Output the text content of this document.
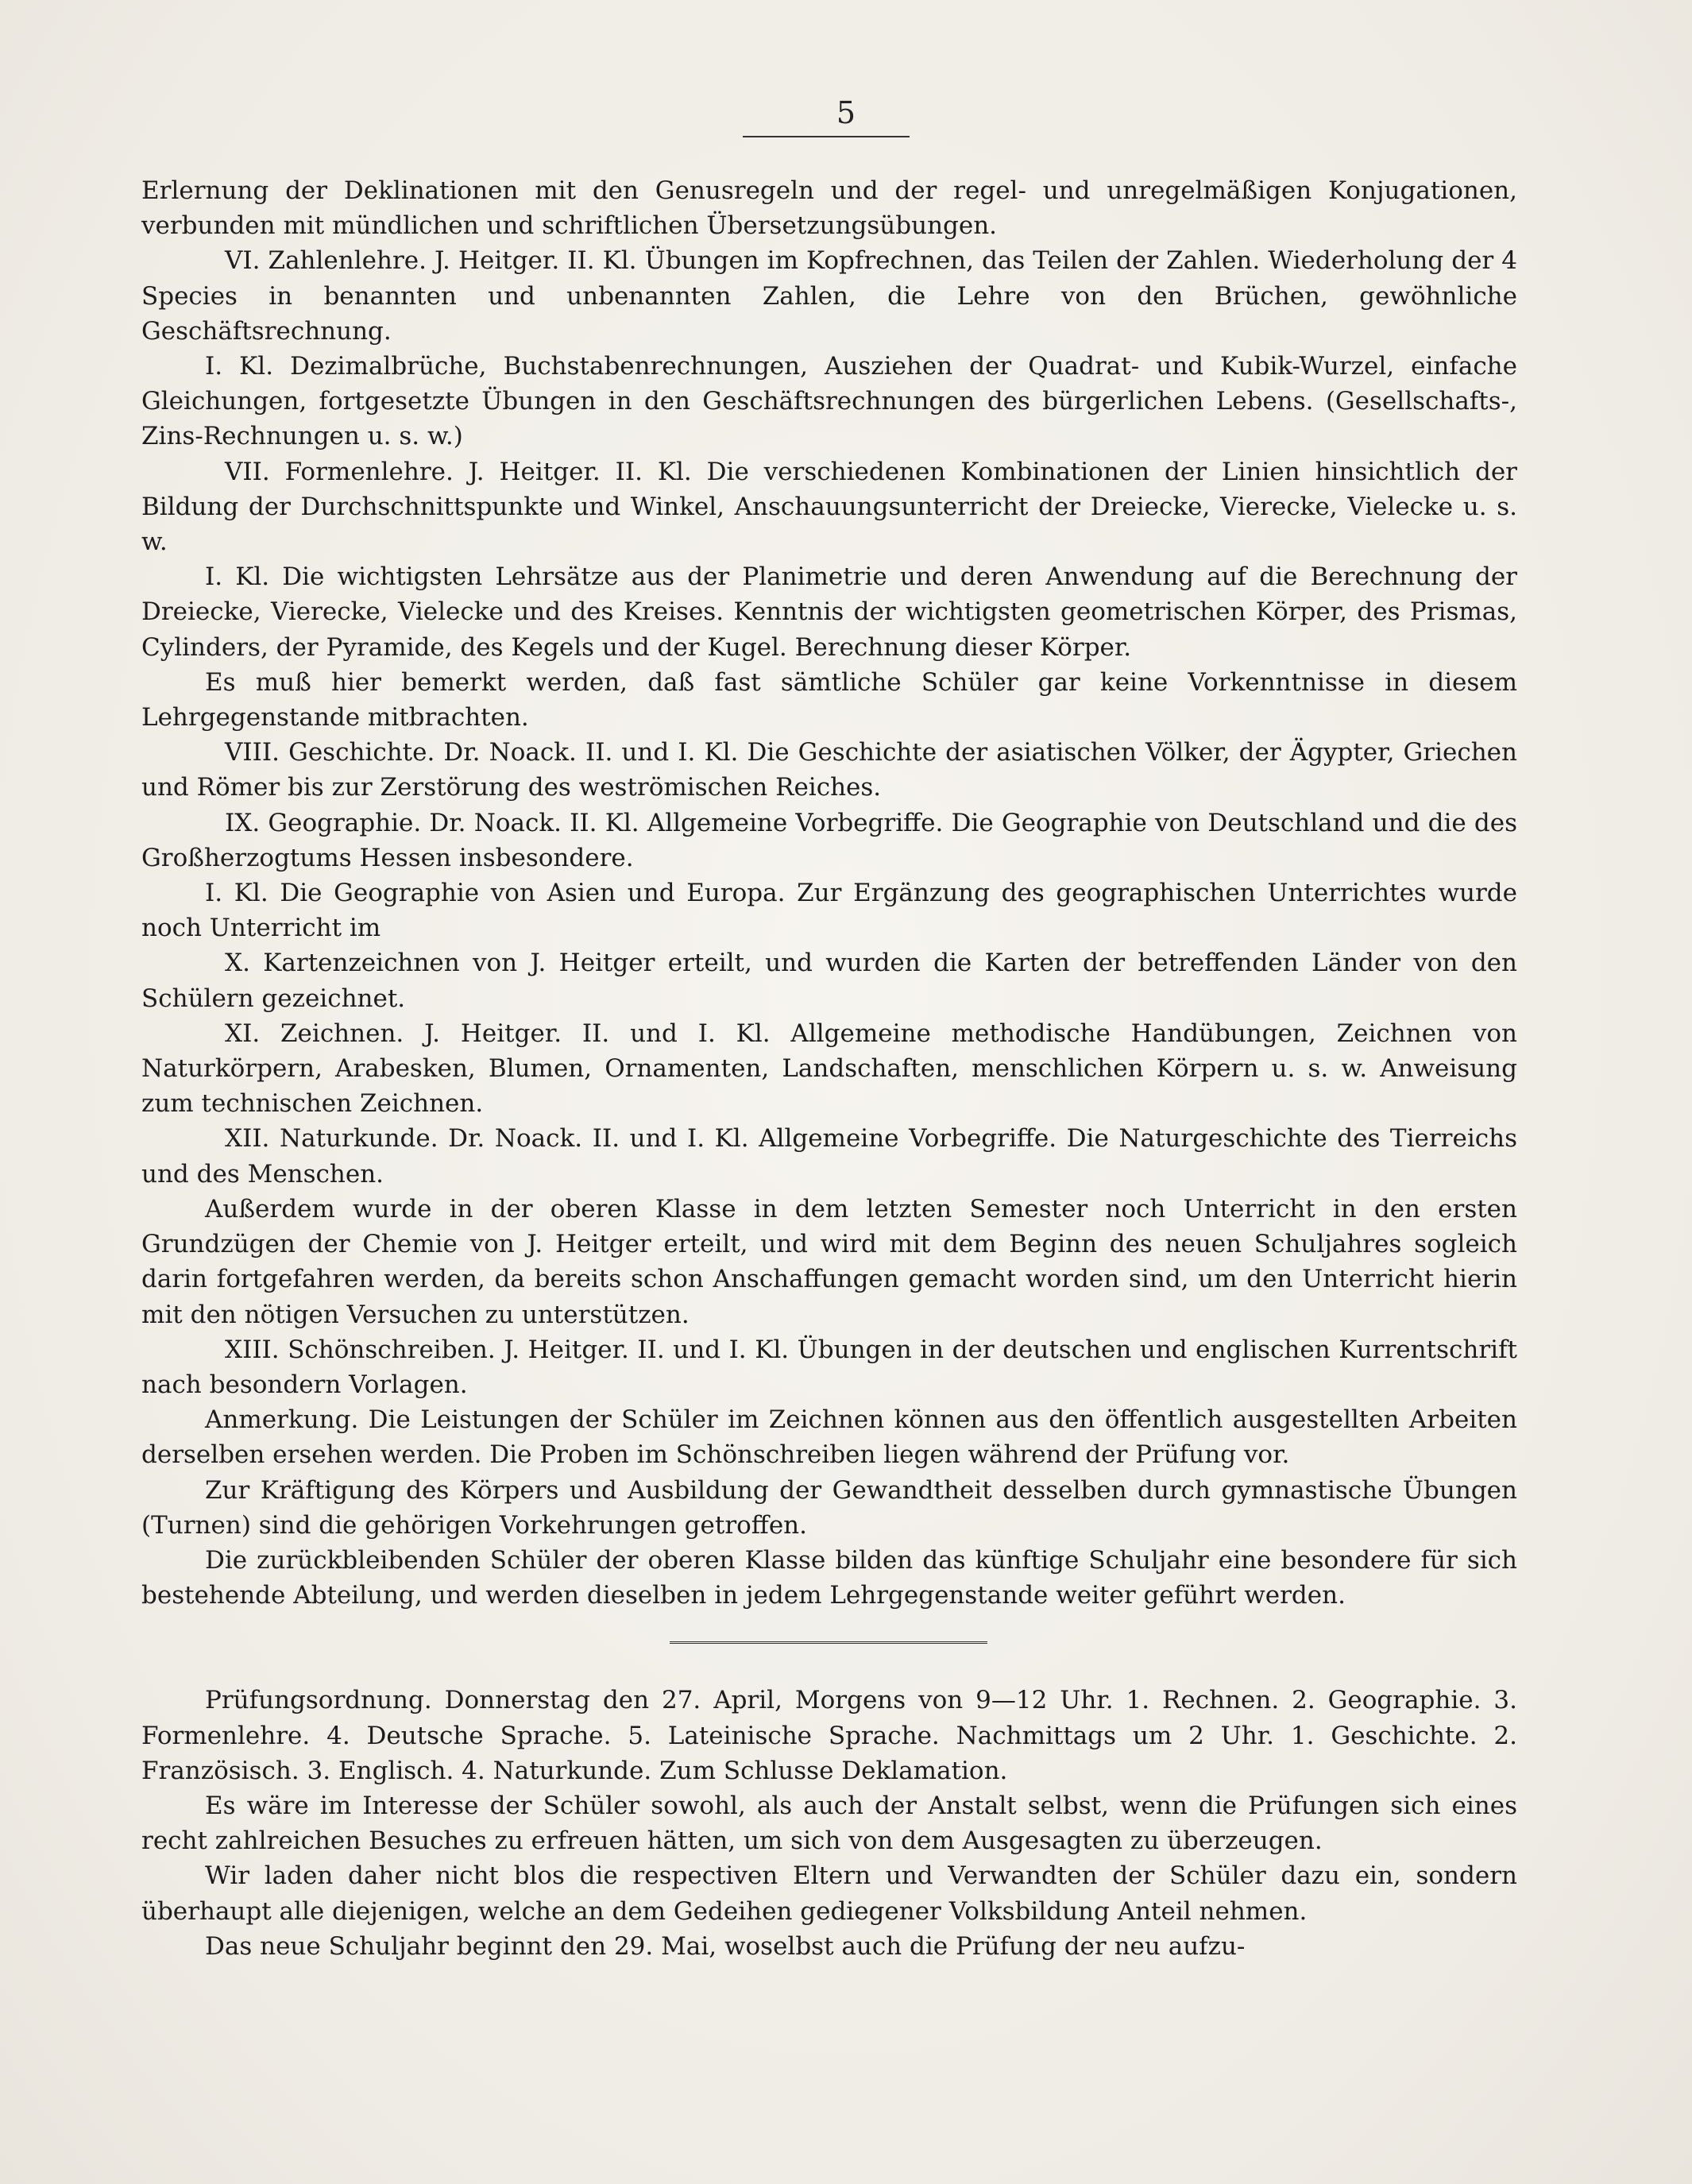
5

Erlernung der Deklinationen mit den Genusregeln und der regel- und unregelmäßigen Konjugationen, verbunden mit mündlichen und schriftlichen Übersetzungsübungen.

VI. Zahlenlehre. J. Heitger. II. Kl. Übungen im Kopfrechnen, das Teilen der Zahlen. Wiederholung der 4 Species in benannten und unbenannten Zahlen, die Lehre von den Brüchen, gewöhnliche Geschäftsrechnung.

I. Kl. Dezimalbrüche, Buchstabenrechnungen, Ausziehen der Quadrat- und Kubik-Wurzel, einfache Gleichungen, fortgesetzte Übungen in den Geschäftsrechnungen des bürgerlichen Lebens. (Gesellschafts-, Zins-Rechnungen u. s. w.)

VII. Formenlehre. J. Heitger. II. Kl. Die verschiedenen Kombinationen der Linien hinsichtlich der Bildung der Durchschnittspunkte und Winkel, Anschauungsunterricht der Dreiecke, Vierecke, Vielecke u. s. w.

I. Kl. Die wichtigsten Lehrsätze aus der Planimetrie und deren Anwendung auf die Berechnung der Dreiecke, Vierecke, Vielecke und des Kreises. Kenntnis der wichtigsten geometrischen Körper, des Prismas, Cylinders, der Pyramide, des Kegels und der Kugel. Berechnung dieser Körper.

Es muß hier bemerkt werden, daß fast sämtliche Schüler gar keine Vorkenntnisse in diesem Lehrgegenstande mitbrachten.

VIII. Geschichte. Dr. Noack. II. und I. Kl. Die Geschichte der asiatischen Völker, der Ägypter, Griechen und Römer bis zur Zerstörung des weströmischen Reiches.

IX. Geographie. Dr. Noack. II. Kl. Allgemeine Vorbegriffe. Die Geographie von Deutschland und die des Großherzogtums Hessen insbesondere.

I. Kl. Die Geographie von Asien und Europa. Zur Ergänzung des geographischen Unterrichtes wurde noch Unterricht im

X. Kartenzeichnen von J. Heitger erteilt, und wurden die Karten der betreffenden Länder von den Schülern gezeichnet.

XI. Zeichnen. J. Heitger. II. und I. Kl. Allgemeine methodische Handübungen, Zeichnen von Naturkörpern, Arabesken, Blumen, Ornamenten, Landschaften, menschlichen Körpern u. s. w. Anweisung zum technischen Zeichnen.

XII. Naturkunde. Dr. Noack. II. und I. Kl. Allgemeine Vorbegriffe. Die Naturgeschichte des Tierreichs und des Menschen.

Außerdem wurde in der oberen Klasse in dem letzten Semester noch Unterricht in den ersten Grundzügen der Chemie von J. Heitger erteilt, und wird mit dem Beginn des neuen Schuljahres sogleich darin fortgefahren werden, da bereits schon Anschaffungen gemacht worden sind, um den Unterricht hierin mit den nötigen Versuchen zu unterstützen.

XIII. Schönschreiben. J. Heitger. II. und I. Kl. Übungen in der deutschen und englischen Kurrentschrift nach besondern Vorlagen.

Anmerkung. Die Leistungen der Schüler im Zeichnen können aus den öffentlich ausgestellten Arbeiten derselben ersehen werden. Die Proben im Schönschreiben liegen während der Prüfung vor.

Zur Kräftigung des Körpers und Ausbildung der Gewandtheit desselben durch gymnastische Übungen (Turnen) sind die gehörigen Vorkehrungen getroffen.

Die zurückbleibenden Schüler der oberen Klasse bilden das künftige Schuljahr eine besondere für sich bestehende Abteilung, und werden dieselben in jedem Lehrgegenstande weiter geführt werden.

Prüfungsordnung. Donnerstag den 27. April, Morgens von 9—12 Uhr. 1. Rechnen. 2. Geographie. 3. Formenlehre. 4. Deutsche Sprache. 5. Lateinische Sprache. Nachmittags um 2 Uhr. 1. Geschichte. 2. Französisch. 3. Englisch. 4. Naturkunde. Zum Schlusse Deklamation.

Es wäre im Interesse der Schüler sowohl, als auch der Anstalt selbst, wenn die Prüfungen sich eines recht zahlreichen Besuches zu erfreuen hätten, um sich von dem Ausgesagten zu überzeugen.

Wir laden daher nicht blos die respectiven Eltern und Verwandten der Schüler dazu ein, sondern überhaupt alle diejenigen, welche an dem Gedeihen gediegener Volksbildung Anteil nehmen.

Das neue Schuljahr beginnt den 29. Mai, woselbst auch die Prüfung der neu aufzu-
